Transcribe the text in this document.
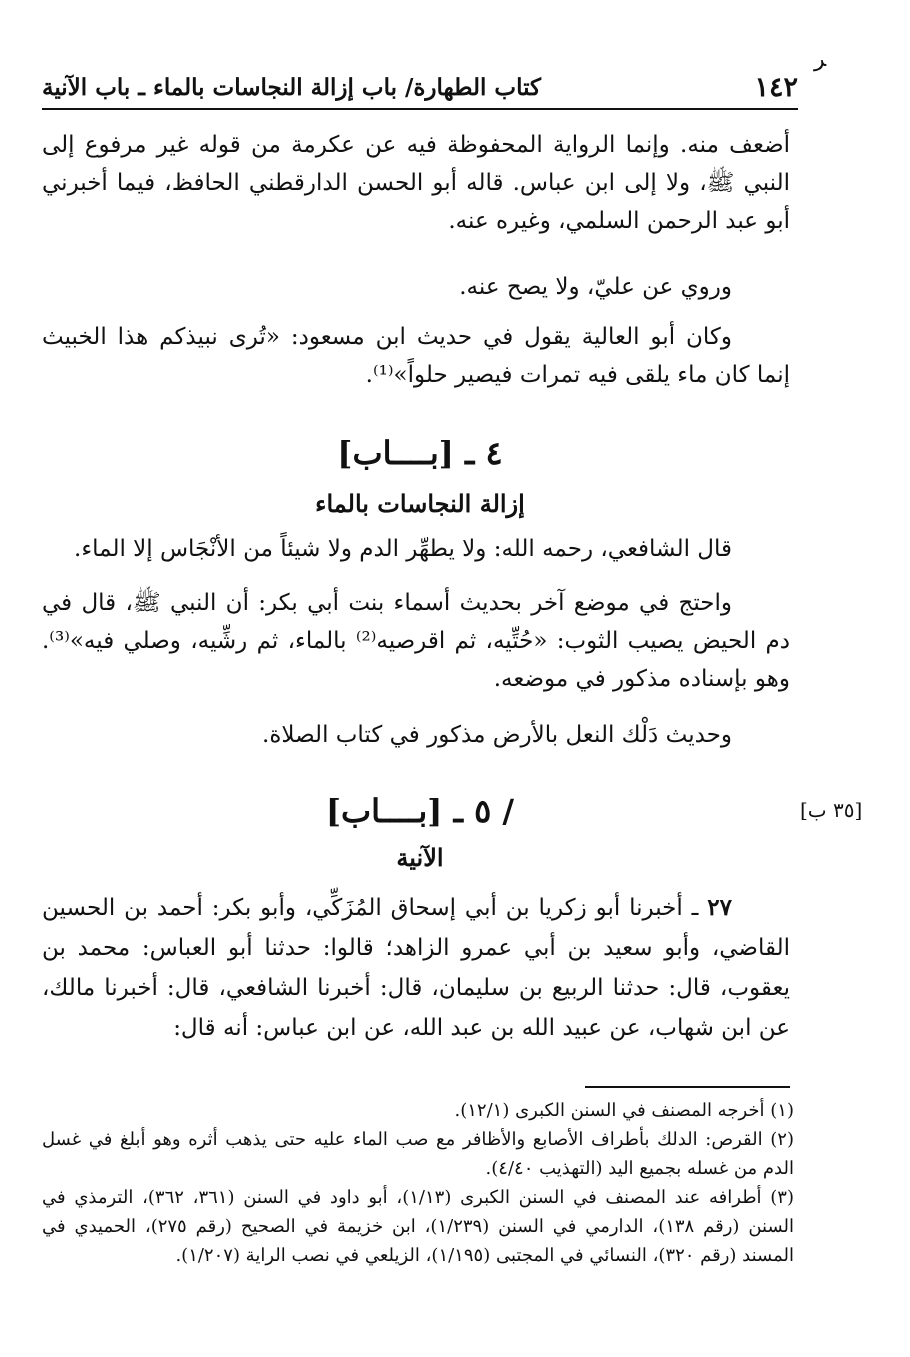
ﺮ
١٤٢
كتاب الطهارة/ باب إزالة النجاسات بالماء ـ باب الآنية

أضعف منه. وإنما الرواية المحفوظة فيه عن عكرمة من قوله غير مرفوع إلى النبي ﷺ، ولا إلى ابن عباس. قاله أبو الحسن الدارقطني الحافظ، فيما أخبرني أبو عبد الرحمن السلمي، وغيره عنه.

وروي عن عليّ، ولا يصح عنه.

وكان أبو العالية يقول في حديث ابن مسعود: «تُرى نبيذكم هذا الخبيث إنما كان ماء يلقى فيه تمرات فيصير حلواً»⁽¹⁾.

٤ ـ [بــــاب]
إزالة النجاسات بالماء

قال الشافعي، رحمه الله: ولا يطهِّر الدم ولا شيئاً من الأنْجَاس إلا الماء.

واحتج في موضع آخر بحديث أسماء بنت أبي بكر: أن النبي ﷺ، قال في دم الحيض يصيب الثوب: «حُتِّيه، ثم اقرصيه⁽²⁾ بالماء، ثم رشِّيه، وصلي فيه»⁽³⁾. وهو بإسناده مذكور في موضعه.

وحديث دَلْك النعل بالأرض مذكور في كتاب الصلاة.

/ ٥ ـ [بــــاب]	[٣٥ ب]
الآنية

٢٧ ـ أخبرنا أبو زكريا بن أبي إسحاق المُزَكِّي، وأبو بكر: أحمد بن الحسين القاضي، وأبو سعيد بن أبي عمرو الزاهد؛ قالوا: حدثنا أبو العباس: محمد بن يعقوب، قال: حدثنا الربيع بن سليمان، قال: أخبرنا الشافعي، قال: أخبرنا مالك، عن ابن شهاب، عن عبيد الله بن عبد الله، عن ابن عباس: أنه قال:

(١) أخرجه المصنف في السنن الكبرى (١٢/١).

(٢) القرص: الدلك بأطراف الأصابع والأظافر مع صب الماء عليه حتى يذهب أثره وهو أبلغ في غسل الدم من غسله بجميع اليد (التهذيب ٤/٤٠).

(٣) أطرافه عند المصنف في السنن الكبرى (١/١٣)، أبو داود في السنن (٣٦١، ٣٦٢)، الترمذي في السنن (رقم ١٣٨)، الدارمي في السنن (١/٢٣٩)، ابن خزيمة في الصحيح (رقم ٢٧٥)، الحميدي في المسند (رقم ٣٢٠)، النسائي في المجتبى (١/١٩٥)، الزيلعي في نصب الراية (١/٢٠٧).
